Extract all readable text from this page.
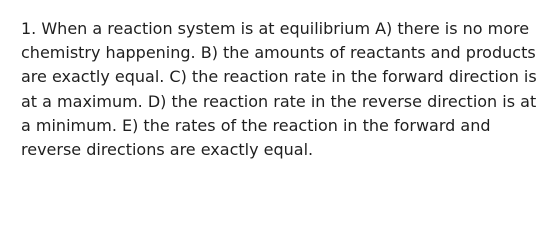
1. When a reaction system is at equilibrium A) there is no more
chemistry happening. B) the amounts of reactants and products
are exactly equal. C) the reaction rate in the forward direction is
at a maximum. D) the reaction rate in the reverse direction is at
a minimum. E) the rates of the reaction in the forward and
reverse directions are exactly equal.
